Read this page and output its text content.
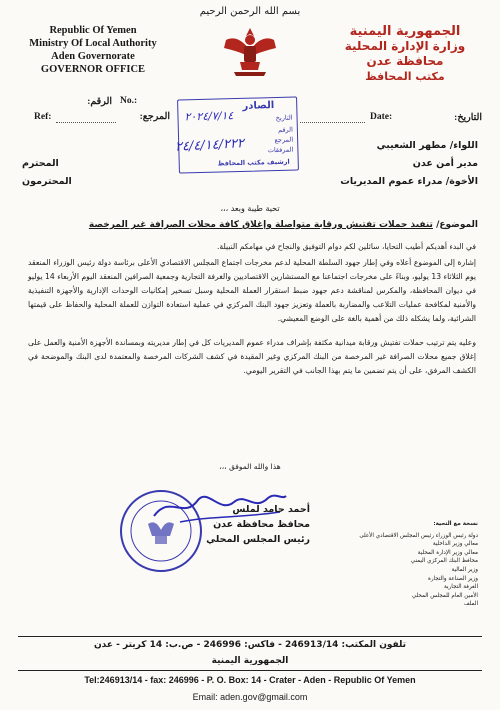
بسم الله الرحمن الرحيم
Republic Of Yemen
Ministry Of Local Authority
Aden Governorate
GOVERNOR OFFICE
الجمهورية اليمنية
وزارة الإدارة المحلية
محافظة عدن
مكتب المحافظ
No.:
الرقم:
Ref:	المرجع:	Date:	التاريخ:
الصادر
التاريخ
٢٠٢٤/٧/١٤
الرقم
المرجع
المرفقات
ارشيف مكتب المحافظ
٢٤/٤/١٤/٢٢٢	اللواء/ مطهر الشعيبي
مدير أمن عدن
المحترم
الأخوة/ مدراء عموم المديريات
المحترمون
تحية طيبة وبعد ،،،
الموضوع/ تنفيذ حملات تفتيش ورقابة متواصلة وإغلاق كافة محلات الصرافة غير المرخصة
في البدء أهديكم أطيب التحايا، سائلين لكم دوام التوفيق والنجاح في مهامكم النبيلة.
إشارة إلى الموضوع أعلاه وفي إطار جهود السلطة المحلية لدعم مخرجات اجتماع المجلس الاقتصادي الأعلى برئاسة دولة رئيس الوزراء المنعقد يوم الثلاثاء 13 يوليو، وبناءً على مخرجات اجتماعنا مع المستشارين الاقتصاديين والغرفة التجارية وجمعية الصرافين المنعقد اليوم الأربعاء 14 يوليو في ديوان المحافظة، والمكرس لمناقشة دعم جهود ضبط استقرار العملة المحلية وسبل تسخير إمكانيات الوحدات الإدارية والأجهزة التنفيذية والأمنية لمكافحة عمليات التلاعب والمضاربة بالعملة وتعزيز جهود البنك المركزي في عملية استعادة التوازن للعملة المحلية والحفاظ على قيمتها الشرائية، ولما يشكله ذلك من أهمية بالغة على الوضع المعيشي.
وعليه يتم ترتيب حملات تفتيش ورقابة ميدانية مكثفة بإشراف مدراء عموم المديريات كل في إطار مديريته وبمساندة الأجهزة الأمنية والعمل على إغلاق جميع محلات الصرافة غير المرخصة من البنك المركزي وغير المقيدة في كشف الشركات المرخصة والمعتمدة لدى البنك والموضحة في الكشف المرفق، على أن يتم تضمين ما يتم بهذا الجانب في التقرير اليومي.
هذا والله الموفق ،،،
أحمد حامد لملس
محافظ محافظة عدن
رئيس المجلس المحلي
نسخة مع التحية:
دولة رئيس الوزراء رئيس المجلس الاقتصادي الأعلى
معالي وزير الداخلية
معالي وزير الإدارة المحلية
محافظ البنك المركزي اليمني
وزير المالية
وزير الصناعة والتجارة
الغرفة التجارية
الأمين العام للمجلس المحلي
الملف
تلفون المكتب: 246913/14 - فاكس: 246996 - ص.ب: 14 كريتر - عدن
الجمهورية اليمنية
Tel:246913/14 - fax: 246996 - P. O. Box: 14 - Crater - Aden - Republic Of Yemen
Email: aden.gov@gmail.com
